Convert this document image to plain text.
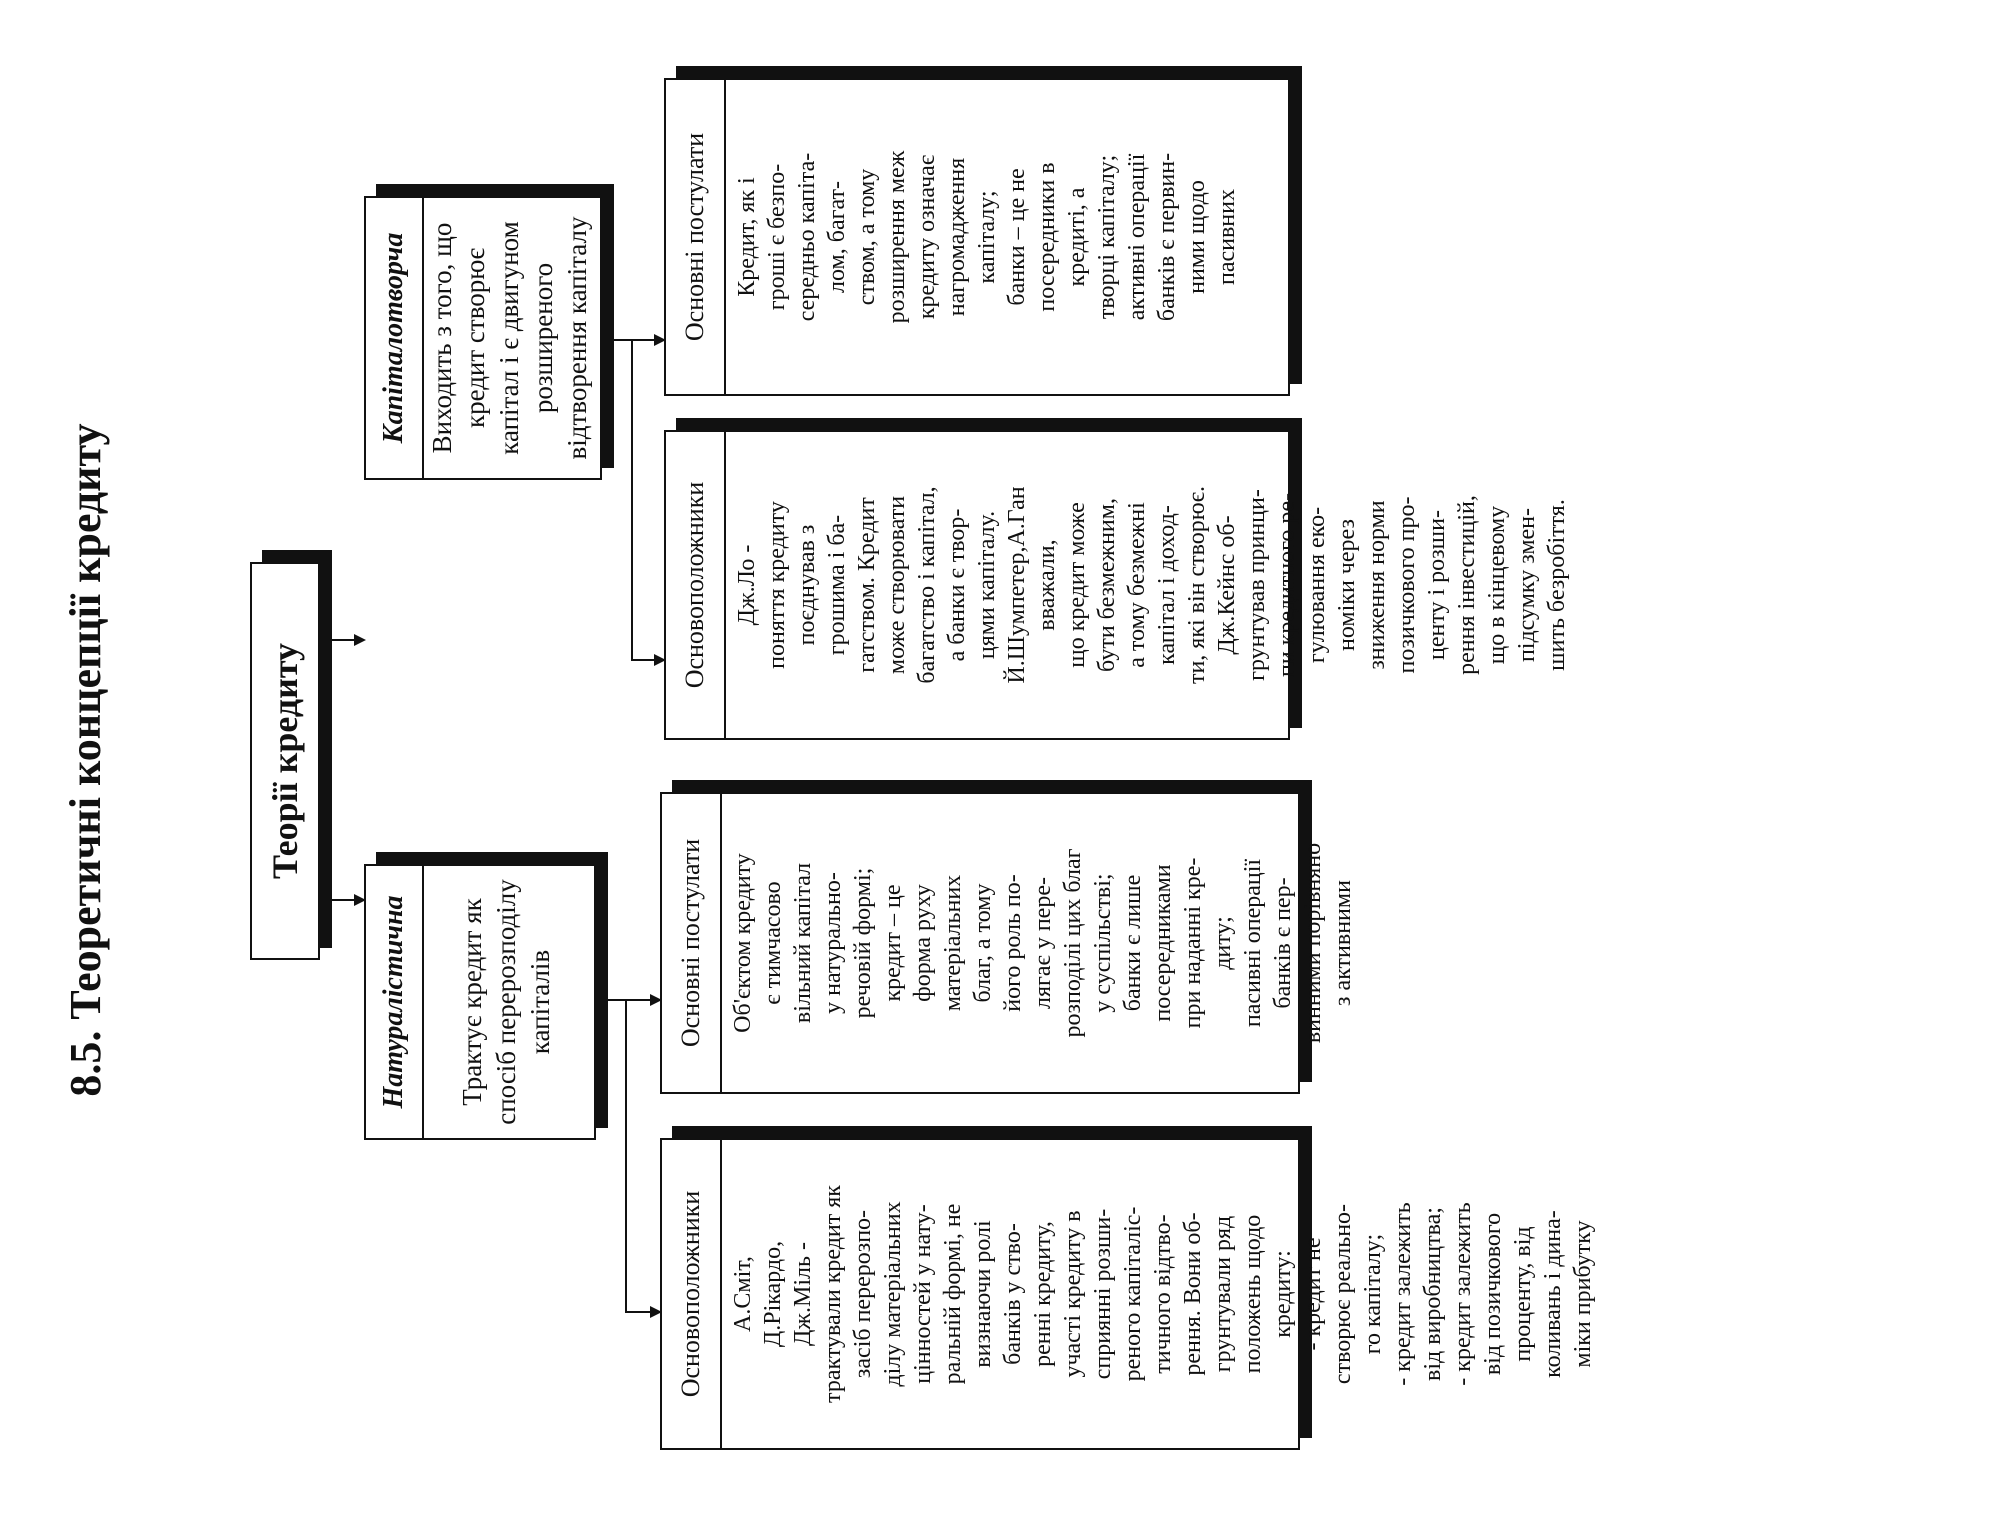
8.5. Теоретичні концепції кредиту	Теорії кредиту
Натуралістична	Трактує кредит як спосіб перерозподілу капіталів
Капіталотворча Виходить з того, що кредит створює капітал і є двигуном розширеного відтворення капіталу
Основоположники	А.Сміт,
Д.Рікардо,
Дж.Міль -
трактували кредит як
засіб перерозпо-
ділу матеріальних
цінностей у нату-
ральній формі, не
визнаючи ролі
банків у ство-
ренні кредиту,
участі кредиту в
сприянні розши-
реного капіталіс-
тичного відтво-
рення. Вони об-
грунтували ряд
положень щодо
кредиту:
- кредит не
створює реально-
го капіталу;
- кредит залежить
від виробництва;
- кредит залежить
від позичкового
проценту, від
коливань і дина-
міки прибутку
Основні постулати	Об'єктом кредиту
є тимчасово
вільний капітал
у натурально-
речовій формі;
кредит – це
форма руху
матеріальних
благ, а тому
його роль по-
лягає у пере-
розподілі цих благ
у суспільстві;
банки є лише
посередниками
при наданні кре-
диту;
пасивні операції
банків є пер-
винними порівняно
з активними
Основоположники	Дж.Ло -
поняття кредиту
поєднував з
грошима і ба-
гатством. Кредит
може створювати
багатство і капітал,
а банки є твор-
цями капіталу.
Й.Шумпетер,А.Ган
вважали,
що кредит може
бути безмежним,
а тому безмежні
капітал і доход-
ти, які він створює.
Дж.Кейнс об-
грунтував принци-
пи кредитного ре-
гулювання еко-
номіки через
зниження норми
позичкового про-
центу і розши-
рення інвестицій,
що в кінцевому
підсумку змен-
шить безробіття.
Основні постулати	Кредит, як і
гроші є безпо-
середньо капіта-
лом, багат-
ством, а тому
розширення меж
кредиту означає
нагромадження
капіталу;
банки – це не
посередники в
кредиті, а
творці капіталу;
активні операції
банків є первин-
ними щодо
пасивних
